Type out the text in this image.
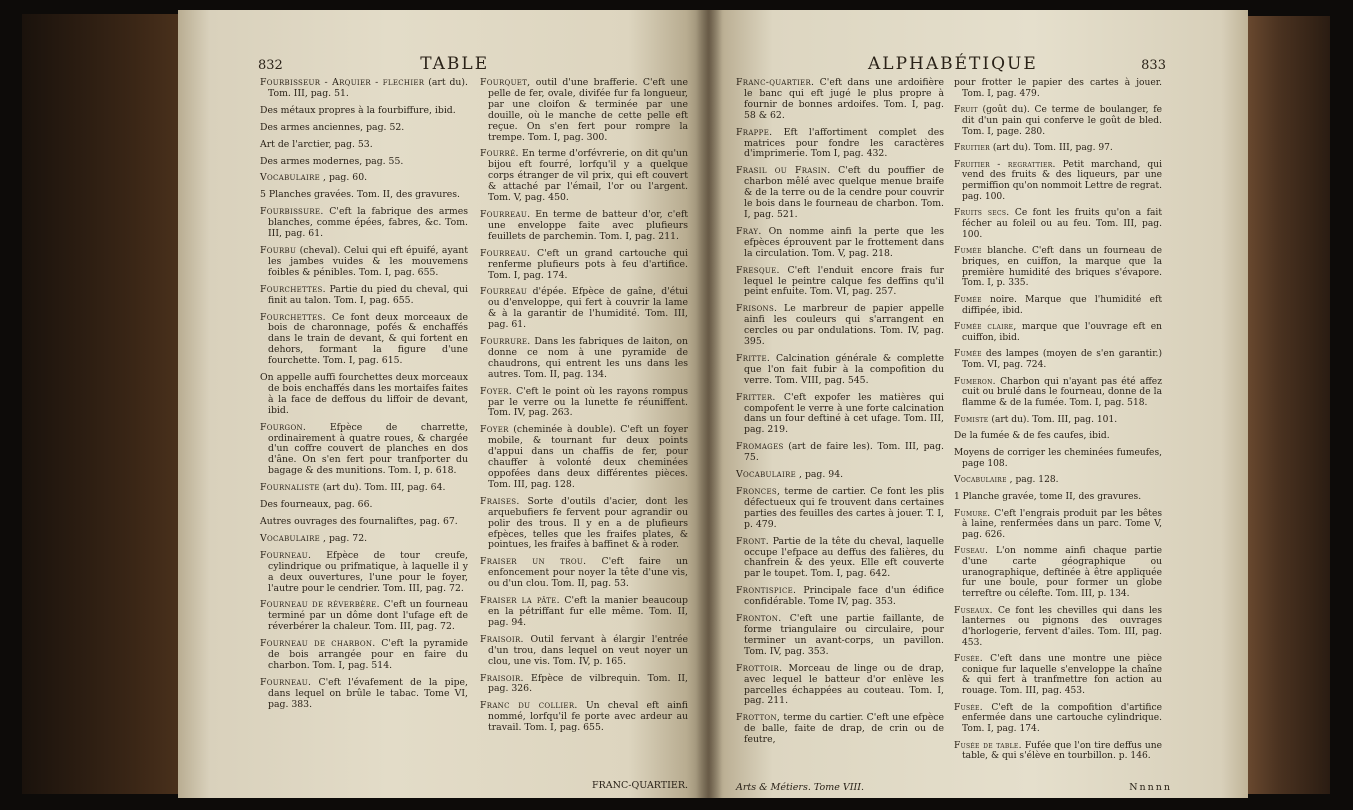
832	TABLE

Fourbisseur - Arquier - flechier (art du). Tom. III, pag. 51.

Des métaux propres à la fourbiffure, ibid.

Des armes anciennes, pag. 52.

Art de l'arctier, pag. 53.

Des armes modernes, pag. 55.

Vocabulaire , pag. 60.

5 Planches gravées. Tom. II, des gravures.

Fourbissure. C'eft la fabrique des armes blanches, comme épées, fabres, &c. Tom. III, pag. 61.

Fourbu (cheval). Celui qui eft épuifé, ayant les jambes vuides & les mouvemens foibles & pénibles. Tom. I, pag. 655.

Fourchettes. Partie du pied du cheval, qui finit au talon. Tom. I, pag. 655.

Fourchettes. Ce font deux morceaux de bois de charonnage, pofés & enchaffés dans le train de devant, & qui fortent en dehors, formant la figure d'une fourchette. Tom. I, pag. 615.

On appelle auffi fourchettes deux morceaux de bois enchaffés dans les mortaifes faites à la face de deffous du liffoir de devant, ibid.

Fourgon.	Efpèce de charrette, ordinairement à quatre roues, & chargée d'un coffre couvert de planches en dos d'âne. On s'en fert pour tranfporter du bagage & des munitions. Tom. I, p. 618.

Fournaliste (art du). Tom. III, pag. 64.

Des fourneaux, pag. 66.

Autres ouvrages des fournaliftes, pag. 67.

Vocabulaire , pag. 72.

Fourneau. Efpèce de tour creufe, cylindrique ou prifmatique, à laquelle il y a deux ouvertures, l'une pour le foyer, l'autre pour le cendrier. Tom. III, pag. 72.

Fourneau de réverbère. C'eft un fourneau terminé par un dôme dont l'ufage eft de réverbérer la chaleur. Tom. III, pag. 72.

Fourneau de charbon. C'eft la pyramide de bois arrangée pour en faire du charbon. Tom. I, pag. 514.

Fourneau. C'eft l'évafement de la pipe, dans lequel on brûle le tabac. Tome VI, pag. 383.

Fourquet, outil d'une brafferie. C'eft une pelle de fer, ovale, divifée fur fa longueur, par une cloifon & terminée par une douille, où le manche de cette pelle eft reçue. On s'en fert pour rompre la trempe. Tom. I, pag. 300.

Fourré. En terme d'orfévrerie, on dit qu'un bijou eft fourré, lorfqu'il y a quelque corps étranger de vil prix, qui eft couvert & attaché par l'émail, l'or ou l'argent. Tom. V, pag. 450.

Fourreau. En terme de batteur d'or, c'eft une enveloppe faite avec plufieurs feuillets de parchemin. Tom. I, pag. 211.

Fourreau. C'eft un grand cartouche qui renferme plufieurs pots à feu d'artifice. Tom. I, pag. 174.

Fourreau d'épée. Efpèce de gaîne, d'étui ou d'enveloppe, qui fert à couvrir la lame & à la garantir de l'humidité. Tom. III, pag. 61.

Fourrure. Dans les fabriques de laiton, on donne ce nom à une pyramide de chaudrons, qui entrent les uns dans les autres. Tom. II, pag. 134.

Foyer. C'eft le point où les rayons rompus par le verre ou la lunette fe réuniffent. Tom. IV, pag. 263.

Foyer (cheminée à double). C'eft un foyer mobile, & tournant fur deux points d'appui dans un chaffis de fer, pour chauffer à volonté deux cheminées oppofées dans deux différentes pièces. Tom. III, pag. 128.

Fraises. Sorte d'outils d'acier, dont les arquebufiers fe fervent pour agrandir ou polir des trous. Il y en a de plufieurs efpèces, telles que les fraifes plates, & pointues, les fraifes à baffinet & à roder.

Fraiser un trou. C'eft faire un enfoncement pour noyer la tête d'une vis, ou d'un clou. Tom. II, pag. 53.

Fraiser la pâte. C'eft la manier beaucoup en la pétriffant fur elle même. Tom. II, pag. 94.

Fraisoir. Outil fervant à élargir l'entrée d'un trou, dans lequel on veut noyer un clou, une vis. Tom. IV, p. 165.

Fraisoir. Efpèce de vilbrequin. Tom. II, pag. 326.

Franc du collier. Un cheval eft ainfi nommé, lorfqu'il fe porte avec ardeur au travail. Tom. I, pag. 655.

FRANC-QUARTIER.
ALPHABÉTIQUE	833

Franc-quartier. C'eft dans une ardoifière le banc qui eft jugé le plus propre à fournir de bonnes ardoifes. Tom. I, pag. 58 & 62.

Frappe. Eft l'affortiment complet des matrices pour fondre les caractères d'imprimerie. Tom I, pag. 432.

Frasil ou Frasin. C'eft du pouffier de charbon mêlé avec quelque menue braife & de la terre ou de la cendre pour couvrir le bois dans le fourneau de charbon. Tom. I, pag. 521.

Fray. On nomme ainfi la perte que les efpèces éprouvent par le frottement dans la circulation. Tom. V, pag. 218.

Fresque. C'eft l'enduit encore frais fur lequel le peintre calque fes deffins qu'il peint enfuite. Tom. VI, pag. 257.

Frisons. Le marbreur de papier appelle ainfi les couleurs qui s'arrangent en cercles ou par ondulations. Tom. IV, pag. 395.

Fritte. Calcination générale & complette que l'on fait fubir à la compofition du verre. Tom. VIII, pag. 545.

Fritter. C'eft expofer les matières qui compofent le verre à une forte calcination dans un four deftiné à cet ufage. Tom. III, pag. 219.

Fromages (art de faire les). Tom. III, pag. 75.

Vocabulaire , pag. 94.

Fronces, terme de cartier. Ce font les plis défectueux qui fe trouvent dans certaines parties des feuilles des cartes à jouer. T. I, p. 479.

Front. Partie de la tête du cheval, laquelle occupe l'efpace au deffus des falières, du chanfrein & des yeux. Elle eft couverte par le toupet. Tom. I, pag. 642.

Frontispice. Principale face d'un édifice confidérable. Tome IV, pag. 353.

Fronton. C'eft une partie faillante, de forme triangulaire ou circulaire, pour terminer un avant-corps, un pavillon. Tom. IV, pag. 353.

Frottoir. Morceau de linge ou de drap, avec lequel le batteur d'or enlève les parcelles échappées au couteau. Tom. I, pag. 211.

Frotton, terme du cartier. C'eft une efpèce de balle, faite de drap, de crin ou de feutre,

pour frotter le papier des cartes à jouer. Tom. I, pag. 479.

Fruit (goût du). Ce terme de boulanger, fe dit d'un pain qui conferve le goût de bled. Tom. I, page. 280.

Fruitier (art du). Tom. III, pag. 97.

Fruitier - regrattier. Petit marchand, qui vend des fruits & des liqueurs, par une permiffion qu'on nommoit Lettre de regrat. pag. 100.

Fruits secs. Ce font les fruits qu'on a fait fécher au foleil ou au feu. Tom. III, pag. 100.

Fumée blanche. C'eft dans un fourneau de briques, en cuiffon, la marque que la première humidité des briques s'évapore. Tom. I, p. 335.

Fumée noire. Marque que l'humidité eft diffipée, ibid.

Fumée claire, marque que l'ouvrage eft en cuiffon, ibid.

Fumée des lampes (moyen de s'en garantir.) Tom. VI, pag. 724.

Fumeron. Charbon qui n'ayant pas été affez cuit ou brulé dans le fourneau, donne de la flamme & de la fumée. Tom. I, pag. 518.

Fumiste (art du). Tom. III, pag. 101.

De la fumée & de fes caufes, ibid.

Moyens de corriger les cheminées fumeufes, page 108.

Vocabulaire , pag. 128.

1 Planche gravée, tome II, des gravures.

Fumure. C'eft l'engrais produit par les bêtes à laine, renfermées dans un parc. Tome V, pag. 626.

Fuseau. L'on nomme ainfi chaque partie d'une carte géographique ou uranographique, deftinée à être appliquée fur une boule, pour former un globe terreftre ou célefte. Tom. III, p. 134.

Fuseaux. Ce font les chevilles qui dans les lanternes ou pignons des ouvrages d'horlogerie, fervent d'ailes. Tom. III, pag. 453.

Fusée. C'eft dans une montre une pièce conique fur laquelle s'enveloppe la chaîne & qui fert à tranfmettre fon action au rouage. Tom. III, pag. 453.

Fusée. C'eft de la compofition d'artifice enfermée dans une cartouche cylindrique. Tom. I, pag. 174.

Fusée de table. Fufée que l'on tire deffus une table, & qui s'élève en tourbillon. p. 146.

Arts & Métiers. Tome VIII.	Nnnnn
